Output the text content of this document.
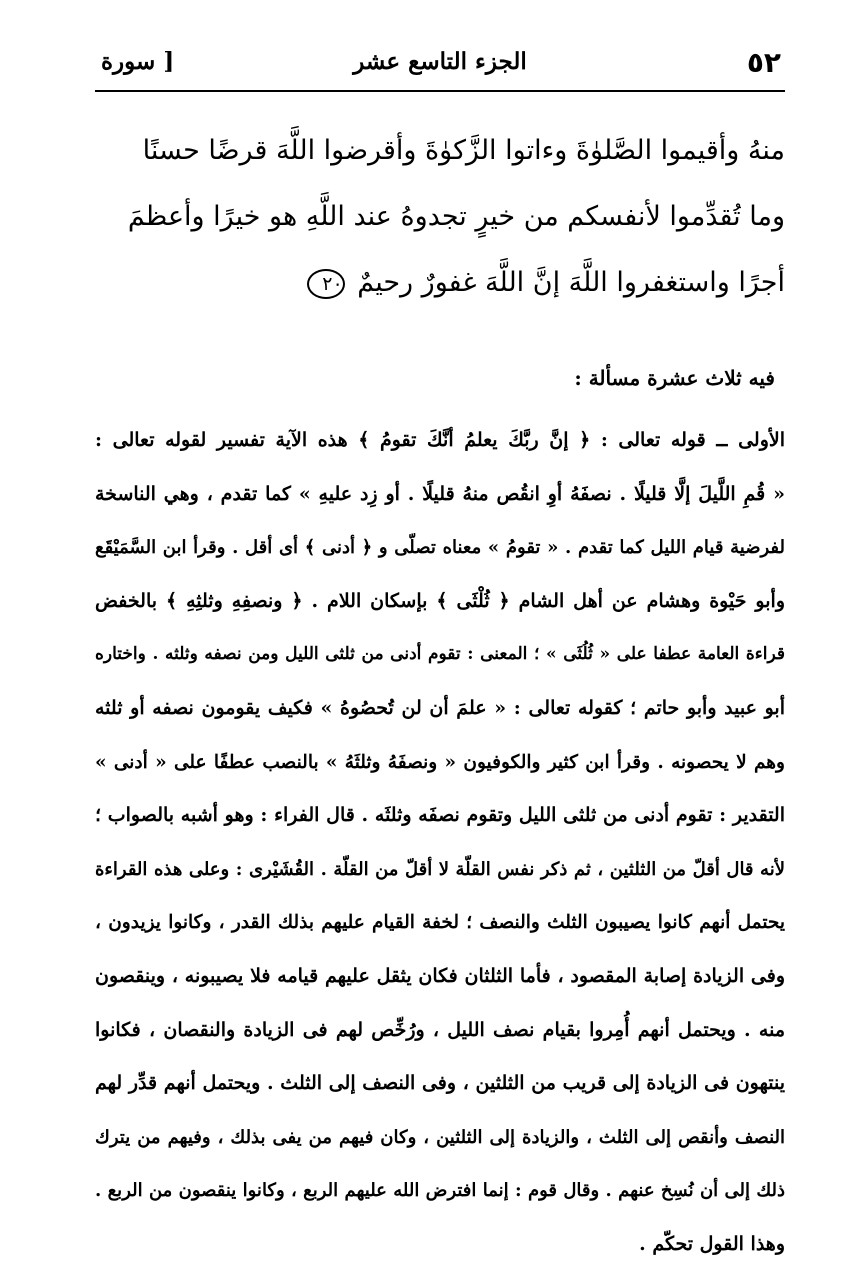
٥٢
الجزء التاسع عشر
سورة ]
منهُ وأقيموا الصَّلوٰةَ وءاتوا الزَّكوٰةَ وأقرضوا اللَّهَ قرضًا حسنًا
وما تُقدِّموا لأنفسكم من خيرٍ تجدوهُ عند اللَّهِ هو خيرًا وأعظمَ
أجرًا واستغفروا اللَّهَ إنَّ اللَّهَ غفورٌ رحيمٌ ٢٠
فيه ثلاث عشرة مسألة :
الأولى ــ قوله تعالى : ﴿ إنَّ ربَّكَ يعلمُ أنَّكَ تقومُ ﴾ هذه الآية تفسير لقوله تعالى :
« قُمِ اللَّيلَ إلَّا قليلًا . نصفَهُ أوِ انقُص منهُ قليلًا . أو زِد عليهِ » كما تقدم ، وهي الناسخة
لفرضية قيام الليل كما تقدم . « تقومُ » معناه تصلّى و ﴿ أدنى ﴾ أى أقل . وقرأ ابن السَّمَيْقَع
وأبو حَيْوة وهشام عن أهل الشام ﴿ ثُلْثَى ﴾ بإسكان اللام . ﴿ ونصفِهِ وثلثِهِ ﴾ بالخفض
قراءة العامة عطفا على « ثُلُثَى » ؛ المعنى : تقوم أدنى من ثلثى الليل ومن نصفه وثلثه . واختاره
أبو عبيد وأبو حاتم ؛ كقوله تعالى : « علمَ أن لن تُحصُوهُ » فكيف يقومون نصفه أو ثلثه
وهم لا يحصونه . وقرأ ابن كثير والكوفيون « ونصفَهُ وثلثَهُ » بالنصب عطفًا على « أدنى »
التقدير : تقوم أدنى من ثلثى الليل وتقوم نصفَه وثلثَه . قال الفراء : وهو أشبه بالصواب ؛
لأنه قال أقلّ من الثلثين ، ثم ذكر نفس القلّة لا أقلّ من القلّة . القُشَيْرى : وعلى هذه القراءة
يحتمل أنهم كانوا يصيبون الثلث والنصف ؛ لخفة القيام عليهم بذلك القدر ، وكانوا يزيدون ،
وفى الزيادة إصابة المقصود ، فأما الثلثان فكان يثقل عليهم قيامه فلا يصيبونه ، وينقصون
منه . ويحتمل أنهم أُمِروا بقيام نصف الليل ، ورُخِّص لهم فى الزيادة والنقصان ، فكانوا
ينتهون فى الزيادة إلى قريب من الثلثين ، وفى النصف إلى الثلث . ويحتمل أنهم قدِّر لهم
النصف وأنقص إلى الثلث ، والزيادة إلى الثلثين ، وكان فيهم من يفى بذلك ، وفيهم من يترك
ذلك إلى أن نُسِخ عنهم . وقال قوم : إنما افترض الله عليهم الربع ، وكانوا ينقصون من الربع .
وهذا القول تحكّم .
